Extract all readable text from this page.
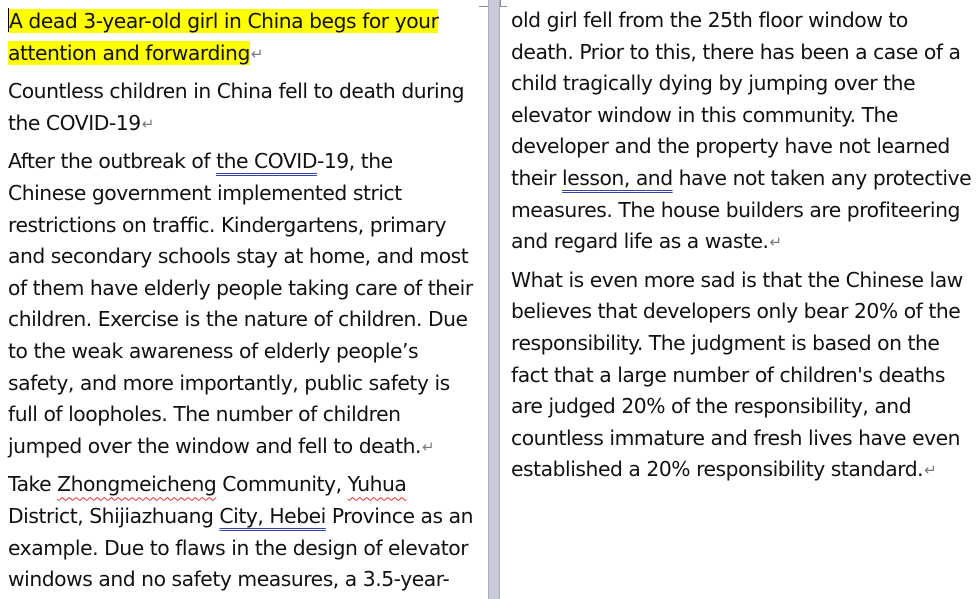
A dead 3-year-old girl in China begs for your
attention and forwarding↵
Countless children in China fell to death during
the COVID-19↵
After the outbreak of the COVID-19, the
Chinese government implemented strict
restrictions on traffic. Kindergartens, primary
and secondary schools stay at home, and most
of them have elderly people taking care of their
children. Exercise is the nature of children. Due
to the weak awareness of elderly people’s
safety, and more importantly, public safety is
full of loopholes. The number of children
jumped over the window and fell to death.↵
Take Zhongmeicheng Community, Yuhua
District, Shijiazhuang City, Hebei Province as an
example. Due to flaws in the design of elevator
windows and no safety measures, a 3.5-year-
old girl fell from the 25th floor window to
death. Prior to this, there has been a case of a
child tragically dying by jumping over the
elevator window in this community. The
developer and the property have not learned
their lesson, and have not taken any protective
measures. The house builders are profiteering
and regard life as a waste.↵
What is even more sad is that the Chinese law
believes that developers only bear 20% of the
responsibility. The judgment is based on the
fact that a large number of children's deaths
are judged 20% of the responsibility, and
countless immature and fresh lives have even
established a 20% responsibility standard.↵
